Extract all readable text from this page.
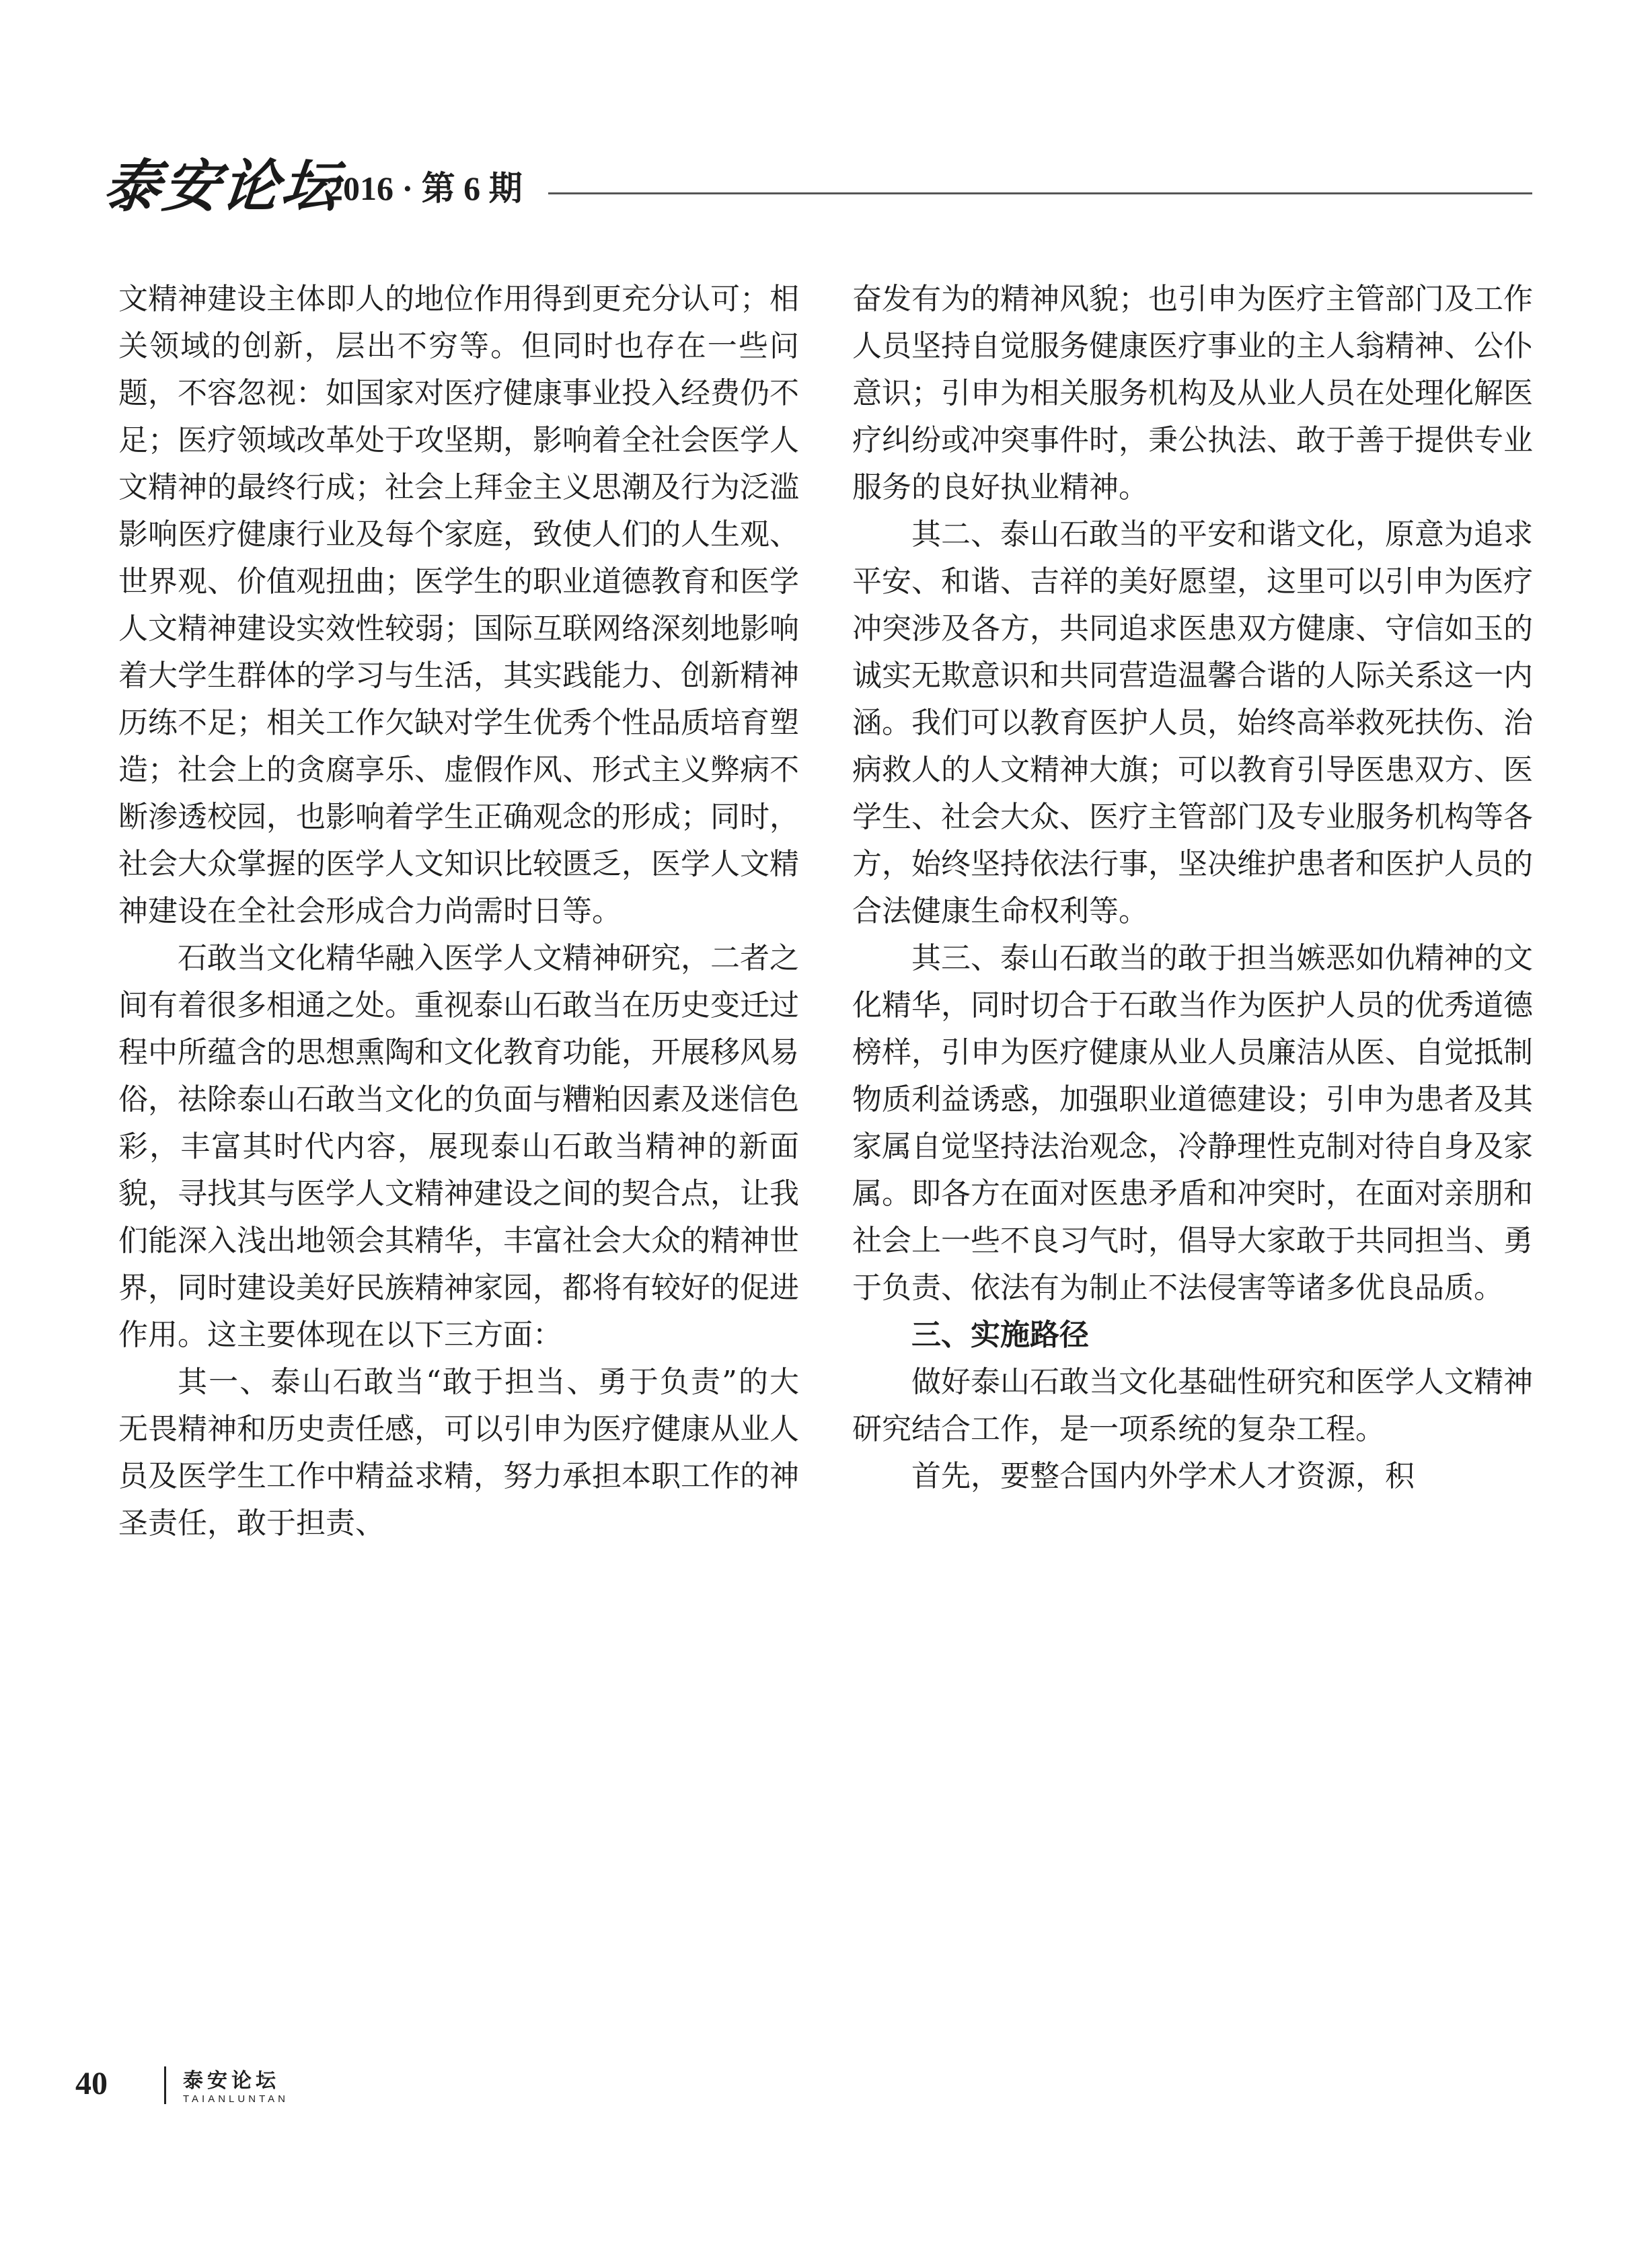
泰安论坛
2016 · 第 6 期

文精神建设主体即人的地位作用得到更充分认可；相关领域的创新，层出不穷等。但同时也存在一些问题，不容忽视：如国家对医疗健康事业投入经费仍不足；医疗领域改革处于攻坚期，影响着全社会医学人文精神的最终行成；社会上拜金主义思潮及行为泛滥影响医疗健康行业及每个家庭，致使人们的人生观、世界观、价值观扭曲；医学生的职业道德教育和医学人文精神建设实效性较弱；国际互联网络深刻地影响着大学生群体的学习与生活，其实践能力、创新精神历练不足；相关工作欠缺对学生优秀个性品质培育塑造；社会上的贪腐享乐、虚假作风、形式主义弊病不断渗透校园，也影响着学生正确观念的形成；同时，社会大众掌握的医学人文知识比较匮乏，医学人文精神建设在全社会形成合力尚需时日等。

石敢当文化精华融入医学人文精神研究，二者之间有着很多相通之处。重视泰山石敢当在历史变迁过程中所蕴含的思想熏陶和文化教育功能，开展移风易俗，祛除泰山石敢当文化的负面与糟粕因素及迷信色彩，丰富其时代内容，展现泰山石敢当精神的新面貌，寻找其与医学人文精神建设之间的契合点，让我们能深入浅出地领会其精华，丰富社会大众的精神世界，同时建设美好民族精神家园，都将有较好的促进作用。这主要体现在以下三方面：

其一、泰山石敢当“敢于担当、勇于负责”的大无畏精神和历史责任感，可以引申为医疗健康从业人员及医学生工作中精益求精，努力承担本职工作的神圣责任，敢于担责、

奋发有为的精神风貌；也引申为医疗主管部门及工作人员坚持自觉服务健康医疗事业的主人翁精神、公仆意识；引申为相关服务机构及从业人员在处理化解医疗纠纷或冲突事件时，秉公执法、敢于善于提供专业服务的良好执业精神。

其二、泰山石敢当的平安和谐文化，原意为追求平安、和谐、吉祥的美好愿望，这里可以引申为医疗冲突涉及各方，共同追求医患双方健康、守信如玉的诚实无欺意识和共同营造温馨合谐的人际关系这一内涵。我们可以教育医护人员，始终高举救死扶伤、治病救人的人文精神大旗；可以教育引导医患双方、医学生、社会大众、医疗主管部门及专业服务机构等各方，始终坚持依法行事，坚决维护患者和医护人员的合法健康生命权利等。

其三、泰山石敢当的敢于担当嫉恶如仇精神的文化精华，同时切合于石敢当作为医护人员的优秀道德榜样，引申为医疗健康从业人员廉洁从医、自觉抵制物质利益诱惑，加强职业道德建设；引申为患者及其家属自觉坚持法治观念，冷静理性克制对待自身及家属。即各方在面对医患矛盾和冲突时，在面对亲朋和社会上一些不良习气时，倡导大家敢于共同担当、勇于负责、依法有为制止不法侵害等诸多优良品质。

三、实施路径

做好泰山石敢当文化基础性研究和医学人文精神研究结合工作，是一项系统的复杂工程。

首先，要整合国内外学术人才资源，积

40	泰安论坛
TAIANLUNTAN
